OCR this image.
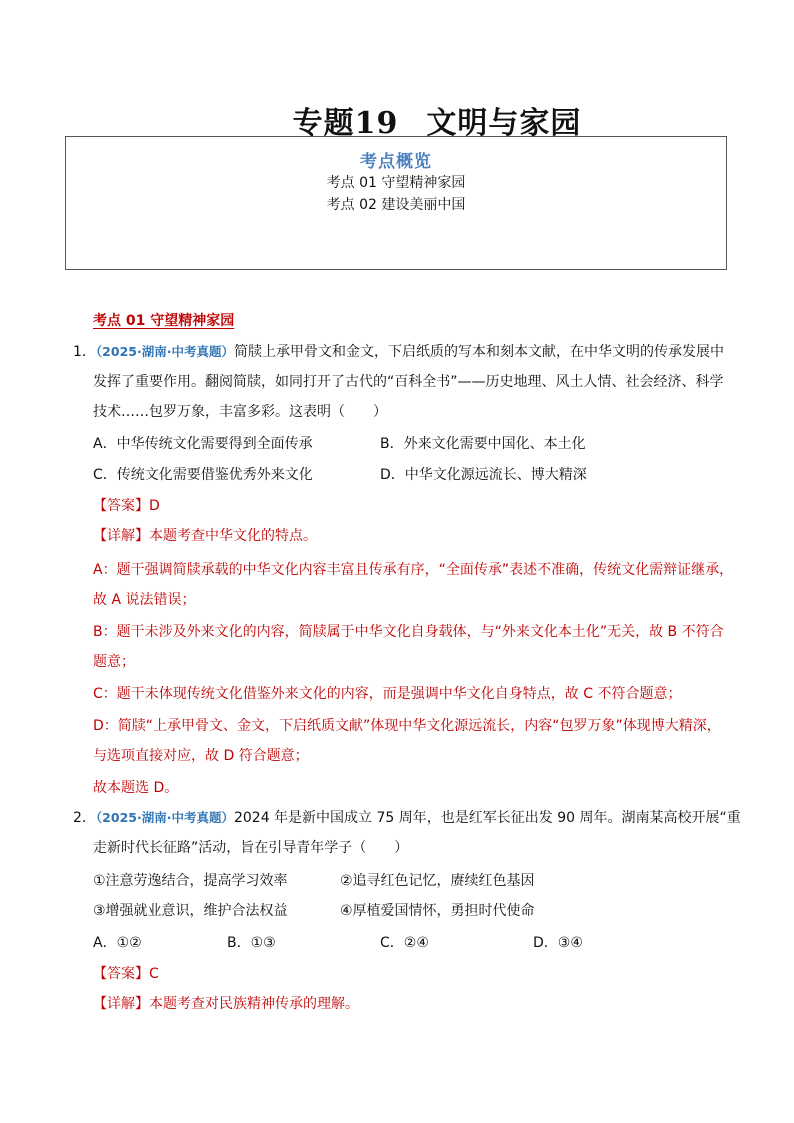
专题19 文明与家园
考点概览
考点 01 守望精神家园
考点 02 建设美丽中国
考点 01 守望精神家园
1．（2025·湖南·中考真题）简牍上承甲骨文和金文，下启纸质的写本和刻本文献，在中华文明的传承发展中
发挥了重要作用。翻阅简牍，如同打开了古代的“百科全书”——历史地理、风土人情、社会经济、科学
技术……包罗万象，丰富多彩。这表明（　　）
A．中华传统文化需要得到全面传承	B．外来文化需要中国化、本土化
C．传统文化需要借鉴优秀外来文化	D．中华文化源远流长、博大精深
【答案】D
【详解】本题考查中华文化的特点。
A：题干强调简牍承载的中华文化内容丰富且传承有序，“全面传承”表述不准确，传统文化需辩证继承，
故 A 说法错误；
B：题干未涉及外来文化的内容，简牍属于中华文化自身载体，与“外来文化本土化”无关，故 B 不符合
题意；
C：题干未体现传统文化借鉴外来文化的内容，而是强调中华文化自身特点，故 C 不符合题意；
D：简牍“上承甲骨文、金文，下启纸质文献”体现中华文化源远流长，内容“包罗万象”体现博大精深，
与选项直接对应，故 D 符合题意；
故本题选 D。
2．（2025·湖南·中考真题）2024 年是新中国成立 75 周年，也是红军长征出发 90 周年。湖南某高校开展“重
走新时代长征路”活动，旨在引导青年学子（　　）
①注意劳逸结合，提高学习效率	②追寻红色记忆，赓续红色基因
③增强就业意识，维护合法权益	④厚植爱国情怀，勇担时代使命
A．①②	B．①③	C．②④	D．③④
【答案】C
【详解】本题考查对民族精神传承的理解。
